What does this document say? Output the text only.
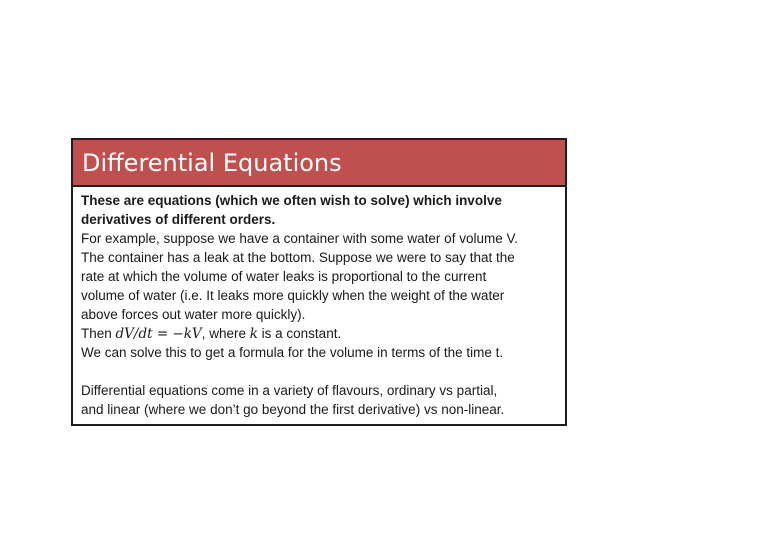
Differential Equations
These are equations (which we often wish to solve) which involve
derivatives of different orders.
For example, suppose we have a container with some water of volume V.
The container has a leak at the bottom. Suppose we were to say that the
rate at which the volume of water leaks is proportional to the current
volume of water (i.e. It leaks more quickly when the weight of the water
above forces out water more quickly).
Then dV/dt = −kV, where k is a constant.
We can solve this to get a formula for the volume in terms of the time t.
Differential equations come in a variety of flavours, ordinary vs partial,
and linear (where we don’t go beyond the first derivative) vs non-linear.
